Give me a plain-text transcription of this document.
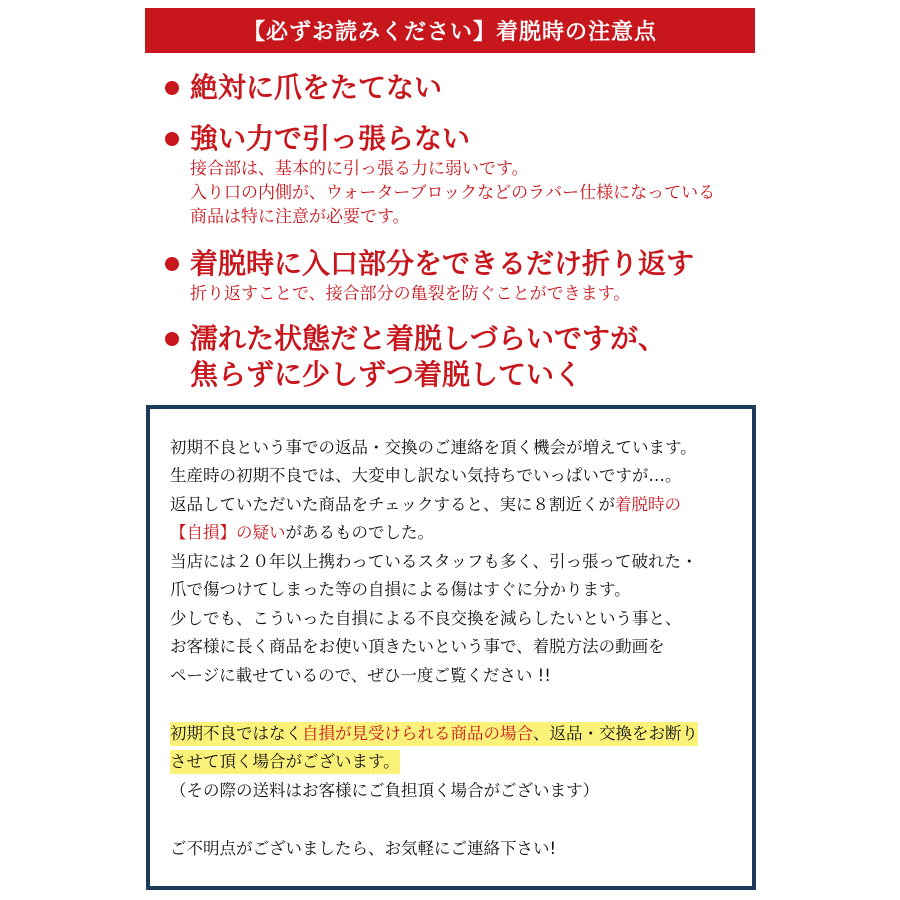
【必ずお読みください】着脱時の注意点
絶対に爪をたてない
強い力で引っ張らない
接合部は、基本的に引っ張る力に弱いです。
入り口の内側が、ウォーターブロックなどのラバー仕様になっている
商品は特に注意が必要です。
着脱時に入口部分をできるだけ折り返す
折り返すことで、接合部分の亀裂を防ぐことができます。
濡れた状態だと着脱しづらいですが、
焦らずに少しずつ着脱していく
初期不良という事での返品・交換のご連絡を頂く機会が増えています。
生産時の初期不良では、大変申し訳ない気持ちでいっぱいですが…。
返品していただいた商品をチェックすると、実に８割近くが着脱時の
【自損】の疑いがあるものでした。
当店には２０年以上携わっているスタッフも多く、引っ張って破れた・
爪で傷つけてしまった等の自損による傷はすぐに分かります。
少しでも、こういった自損による不良交換を減らしたいという事と、
お客様に長く商品をお使い頂きたいという事で、着脱方法の動画を
ページに載せているので、ぜひ一度ご覧ください !!
初期不良ではなく自損が見受けられる商品の場合、返品・交換をお断り
させて頂く場合がございます。
（その際の送料はお客様にご負担頂く場合がございます）
ご不明点がございましたら、お気軽にご連絡下さい!
